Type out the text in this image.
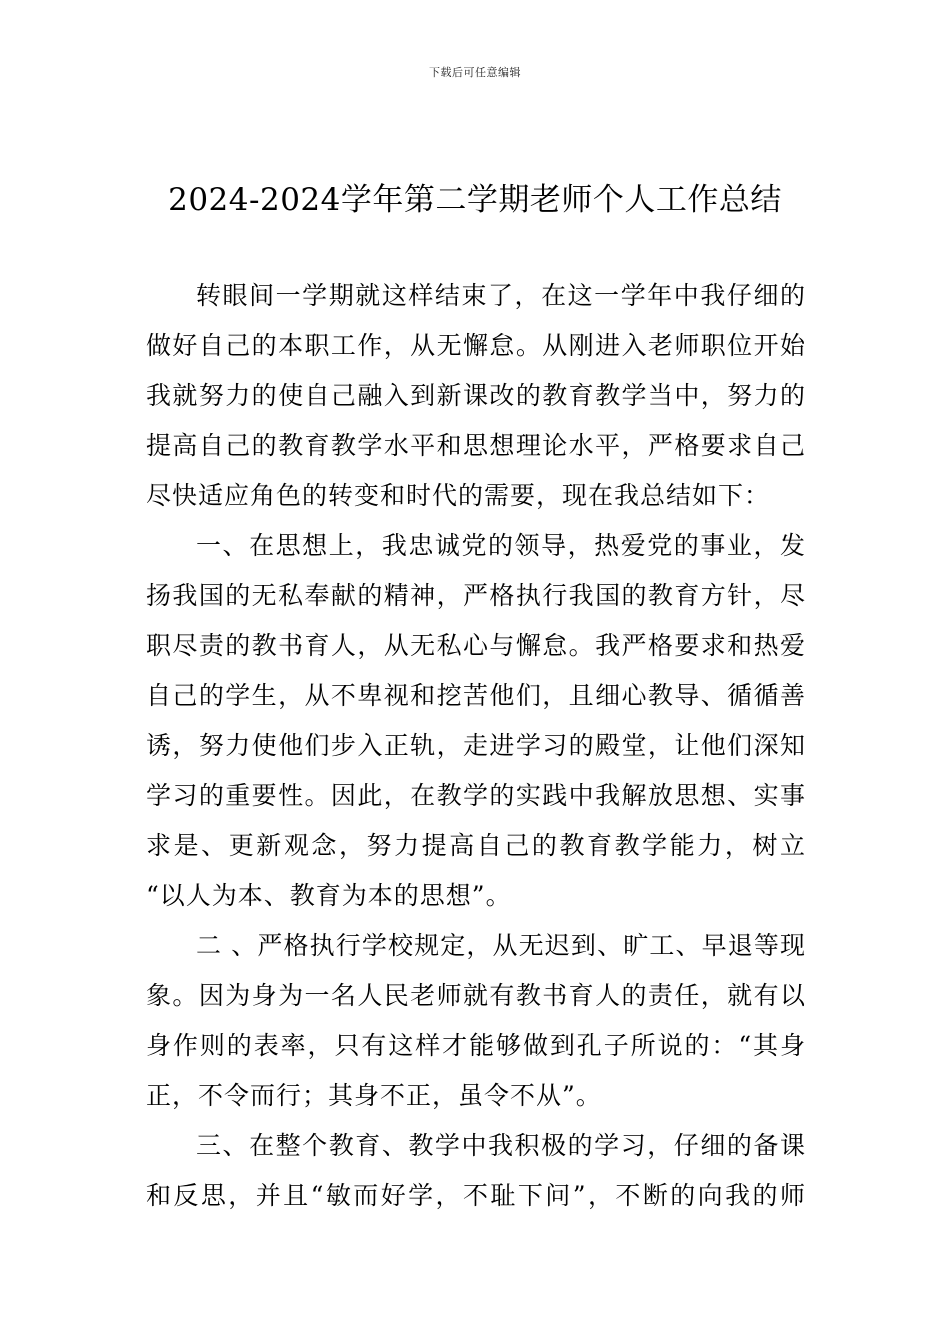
下载后可任意编辑
2024-2024学年第二学期老师个人工作总结
转眼间一学期就这样结束了，在这一学年中我仔细的
做好自己的本职工作，从无懈怠。从刚进入老师职位开始
我就努力的使自己融入到新课改的教育教学当中，努力的
提高自己的教育教学水平和思想理论水平，严格要求自己
尽快适应角色的转变和时代的需要，现在我总结如下：
一、在思想上，我忠诚党的领导，热爱党的事业，发
扬我国的无私奉献的精神，严格执行我国的教育方针，尽
职尽责的教书育人，从无私心与懈怠。我严格要求和热爱
自己的学生，从不卑视和挖苦他们，且细心教导、循循善
诱，努力使他们步入正轨，走进学习的殿堂，让他们深知
学习的重要性。因此，在教学的实践中我解放思想、实事
求是、更新观念，努力提高自己的教育教学能力，树立
“以人为本、教育为本的思想”。
二 、严格执行学校规定，从无迟到、旷工、早退等现
象。因为身为一名人民老师就有教书育人的责任，就有以
身作则的表率，只有这样才能够做到孔子所说的：“其身
正，不令而行；其身不正，虽令不从”。
三、在整个教育、教学中我积极的学习，仔细的备课
和反思，并且“敏而好学，不耻下问”，不断的向我的师
